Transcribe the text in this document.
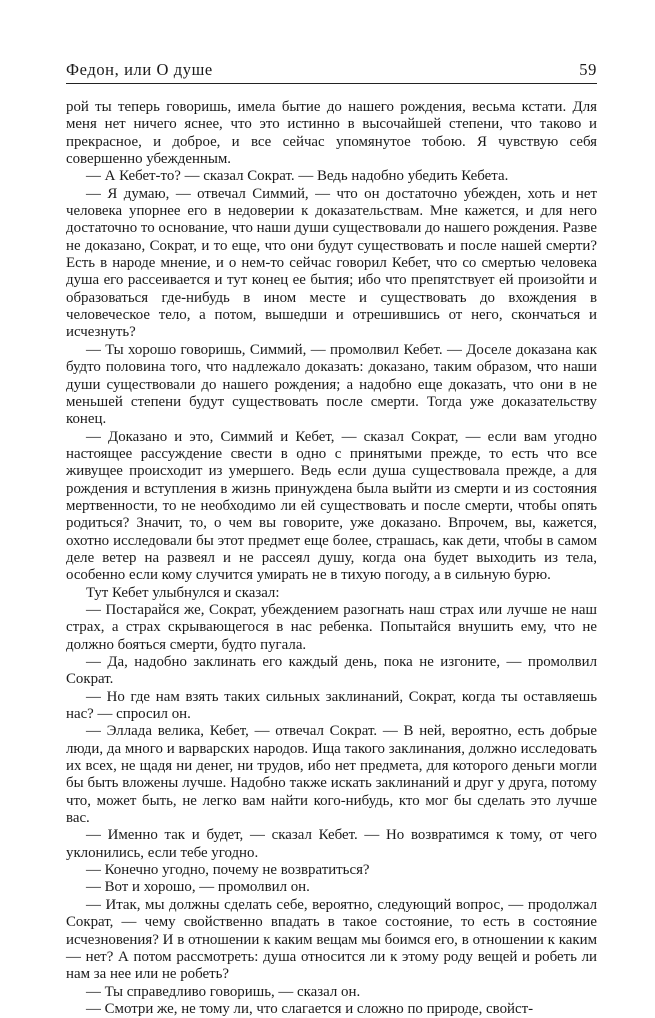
Федон, или О душе	59

рой ты теперь говоришь, имела бытие до нашего рождения, весьма кстати. Для меня нет ничего яснее, что это истинно в высочайшей степени, что таково и прекрасное, и доброе, и все сейчас упомянутое тобою. Я чувствую себя совершенно убежденным.

— А Кебет-то? — сказал Сократ. — Ведь надобно убедить Кебета.

— Я думаю, — отвечал Симмий, — что он достаточно убежден, хоть и нет человека упорнее его в недоверии к доказательствам. Мне кажется, и для него достаточно то основание, что наши души существовали до нашего рождения. Разве не доказано, Сократ, и то еще, что они будут существовать и после нашей смерти? Есть в народе мнение, и о нем-то сейчас говорил Кебет, что со смертью человека душа его рассеивается и тут конец ее бытия; ибо что препятствует ей произойти и образоваться где-нибудь в ином месте и существовать до вхождения в человеческое тело, а потом, вышедши и отрешившись от него, скончаться и исчезнуть?

— Ты хорошо говоришь, Симмий, — промолвил Кебет. — Доселе доказана как будто половина того, что надлежало доказать: доказано, таким образом, что наши души существовали до нашего рождения; а надобно еще доказать, что они в не меньшей степени будут существовать после смерти. Тогда уже доказательству конец.

— Доказано и это, Симмий и Кебет, — сказал Сократ, — если вам угодно настоящее рассуждение свести в одно с принятыми прежде, то есть что все живущее происходит из умершего. Ведь если душа существовала прежде, а для рождения и вступления в жизнь принуждена была выйти из смерти и из состояния мертвенности, то не необходимо ли ей существовать и после смерти, чтобы опять родиться? Значит, то, о чем вы говорите, уже доказано. Впрочем, вы, кажется, охотно исследовали бы этот предмет еще более, страшась, как дети, чтобы в самом деле ветер на развеял и не рассеял душу, когда она будет выходить из тела, особенно если кому случится умирать не в тихую погоду, а в сильную бурю.

Тут Кебет улыбнулся и сказал:

— Постарайся же, Сократ, убеждением разогнать наш страх или лучше не наш страх, а страх скрывающегося в нас ребенка. Попытайся внушить ему, что не должно бояться смерти, будто пугала.

— Да, надобно заклинать его каждый день, пока не изгоните, — промолвил Сократ.

— Но где нам взять таких сильных заклинаний, Сократ, когда ты оставляешь нас? — спросил он.

— Эллада велика, Кебет, — отвечал Сократ. — В ней, вероятно, есть добрые люди, да много и варварских народов. Ища такого заклинания, должно исследовать их всех, не щадя ни денег, ни трудов, ибо нет предмета, для которого деньги могли бы быть вложены лучше. Надобно также искать заклинаний и друг у друга, потому что, может быть, не легко вам найти кого-нибудь, кто мог бы сделать это лучше вас.

— Именно так и будет, — сказал Кебет. — Но возвратимся к тому, от чего уклонились, если тебе угодно.

— Конечно угодно, почему не возвратиться?

— Вот и хорошо, — промолвил он.

— Итак, мы должны сделать себе, вероятно, следующий вопрос, — продолжал Сократ, — чему свойственно впадать в такое состояние, то есть в состояние исчезновения? И в отношении к каким вещам мы боимся его, в отношении к каким — нет? А потом рассмотреть: душа относится ли к этому роду вещей и робеть ли нам за нее или не робеть?

— Ты справедливо говоришь, — сказал он.

— Смотри же, не тому ли, что слагается и сложно по природе, свойст-
